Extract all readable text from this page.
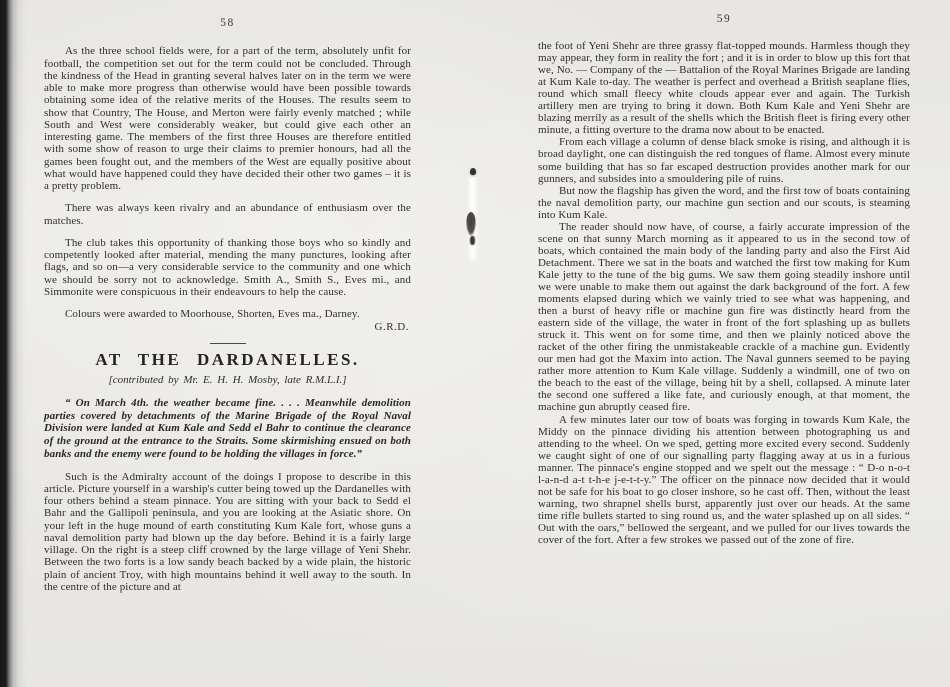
58

As the three school fields were, for a part of the term, absolutely unfit for football, the competition set out for the term could not be concluded. Through the kindness of the Head in granting several halves later on in the term we were able to make more progress than otherwise would have been possible towards obtaining some idea of the relative merits of the Houses. The results seem to show that Country, The House, and Merton were fairly evenly matched ; while South and West were considerably weaker, but could give each other an interesting game. The members of the first three Houses are therefore entitled with some show of reason to urge their claims to premier honours, had all the games been fought out, and the members of the West are equally positive about what would have happened could they have decided their other two games – it is a pretty problem.

There was always keen rivalry and an abundance of enthusiasm over the matches.

The club takes this opportunity of thanking those boys who so kindly and competently looked after material, mending the many punctures, looking after flags, and so on—a very considerable service to the community and one which we should be sorry not to acknowledge. Smith A., Smith S., Eves mi., and Simmonite were conspicuous in their endeavours to help the cause.

Colours were awarded to Moorhouse, Shorten, Eves ma., Darney.

G.R.D.
AT THE DARDANELLES.
[contributed by Mr. E. H. H. Mosby, late R.M.L.I.]

“ On March 4th. the weather became fine. . . . Meanwhile demolition parties covered by detachments of the Marine Brigade of the Royal Naval Division were landed at Kum Kale and Sedd el Bahr to continue the clearance of the ground at the entrance to the Straits. Some skirmishing ensued on both banks and the enemy were found to be holding the villages in force.”

Such is the Admiralty account of the doings I propose to describe in this article. Picture yourself in a warship's cutter being towed up the Dardanelles with four others behind a steam pinnace. You are sitting with your back to Sedd el Bahr and the Gallipoli peninsula, and you are looking at the Asiatic shore. On your left in the huge mound of earth constituting Kum Kale fort, whose guns a naval demolition party had blown up the day before. Behind it is a fairly large village. On the right is a steep cliff crowned by the large village of Yeni Shehr. Between the two forts is a low sandy beach backed by a wide plain, the historic plain of ancient Troy, with high mountains behind it well away to the south. In the centre of the picture and at

59

the foot of Yeni Shehr are three grassy flat-topped mounds. Harmless though they may appear, they form in reality the fort ; and it is in order to blow up this fort that we, No. — Company of the — Battalion of the Royal Marines Brigade are landing at Kum Kale to-day. The weather is perfect and overhead a British seaplane flies, round which small fleecy white clouds appear ever and again. The Turkish artillery men are trying to bring it down. Both Kum Kale and Yeni Shehr are blazing merrily as a result of the shells which the British fleet is firing every other minute, a fitting overture to the drama now about to be enacted.

From each village a column of dense black smoke is rising, and although it is broad daylight, one can distinguish the red tongues of flame. Almost every minute some building that has so far escaped destruction provides another mark for our gunners, and subsides into a smouldering pile of ruins.

But now the flagship has given the word, and the first tow of boats containing the naval demolition party, our machine gun section and our scouts, is steaming into Kum Kale.

The reader should now have, of course, a fairly accurate impression of the scene on that sunny March morning as it appeared to us in the second tow of boats, which contained the main body of the landing party and also the First Aid Detachment. There we sat in the boats and watched the first tow making for Kum Kale jetty to the tune of the big gums. We saw them going steadily inshore until we were unable to make them out against the dark background of the fort. A few moments elapsed during which we vainly tried to see what was happening, and then a burst of heavy rifle or machine gun fire was distinctly heard from the eastern side of the village, the water in front of the fort splashing up as bullets struck it. This went on for some time, and then we plainly noticed above the racket of the other firing the unmistakeable crackle of a machine gun. Evidently our men had got the Maxim into action. The Naval gunners seemed to be paying rather more attention to Kum Kale village. Suddenly a windmill, one of two on the beach to the east of the village, being hit by a shell, collapsed. A minute later the second one suffered a like fate, and curiously enough, at that moment, the machine gun abruptly ceased fire.

A few minutes later our tow of boats was forging in towards Kum Kale, the Middy on the pinnace dividing his attention between photographing us and attending to the wheel. On we sped, getting more excited every second. Suddenly we caught sight of one of our signalling party flagging away at us in a furious manner. The pinnace's engine stopped and we spelt out the message : “ D-o n-o-t l-a-n-d a-t t-h-e j-e-t-t-y.” The officer on the pinnace now decided that it would not be safe for his boat to go closer inshore, so he cast off. Then, without the least warning, two shrapnel shells burst, apparently just over our heads. At the same time rifle bullets started to sing round us, and the water splashed up on all sides. “ Out with the oars,” bellowed the sergeant, and we pulled for our lives towards the cover of the fort. After a few strokes we passed out of the zone of fire.
